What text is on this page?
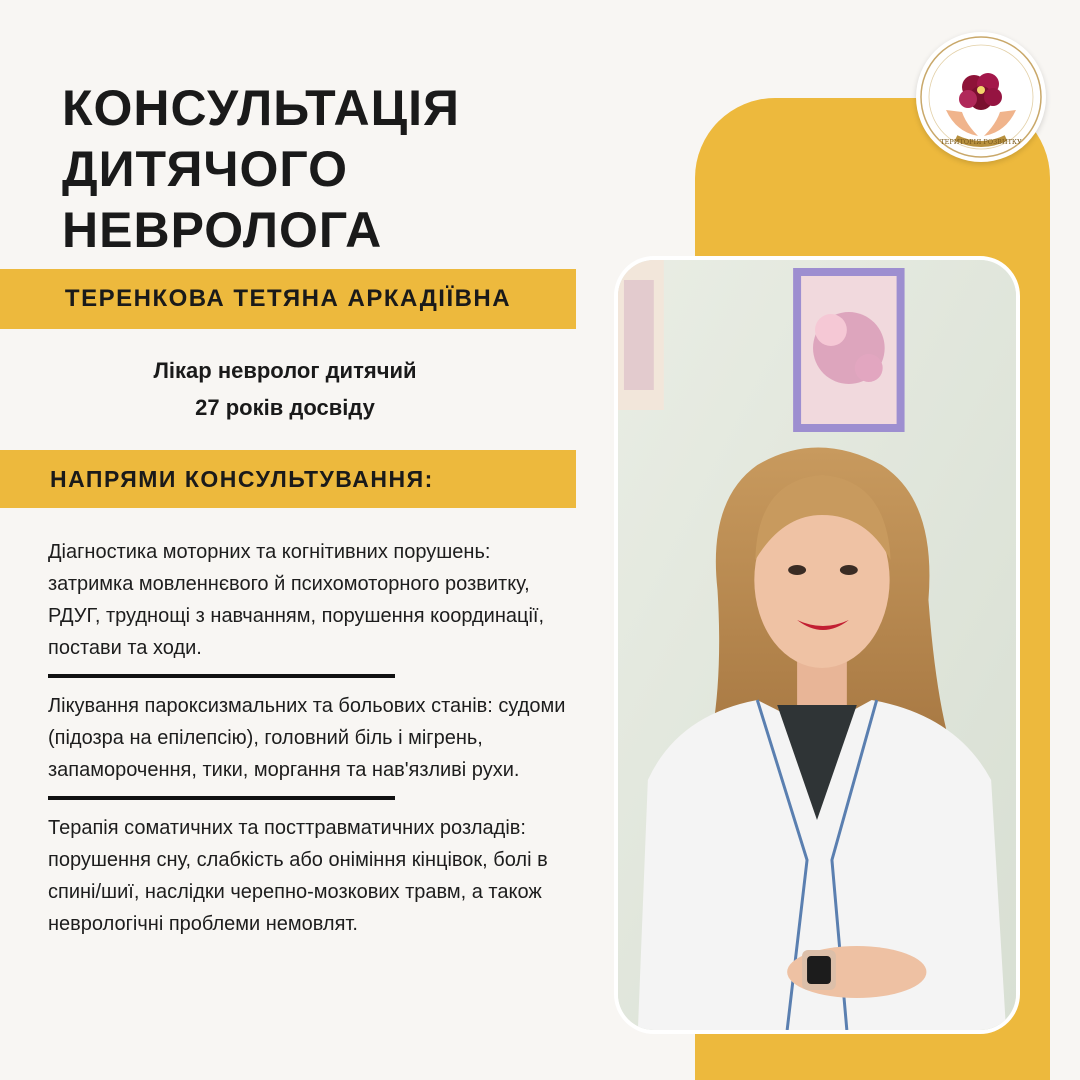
ТЕРИТОРІЯ РОЗВИТКУ
КОНСУЛЬТАЦІЯ
ДИТЯЧОГО
НЕВРОЛОГА
ТЕРЕНКОВА ТЕТЯНА АРКАДІЇВНА
Лікар невролог дитячий
27 років досвіду
НАПРЯМИ КОНСУЛЬТУВАННЯ:

Діагностика моторних та когнітивних порушень: затримка мовленнєвого й психомоторного розвитку, РДУГ, труднощі з навчанням, порушення координації, постави та ходи.

Лікування пароксизмальних та больових станів: судоми (підозра на епілепсію), головний біль і мігрень, запаморочення, тики, моргання та нав'язливі рухи.

Терапія соматичних та посттравматичних розладів: порушення сну, слабкість або оніміння кінцівок, болі в спині/шиї, наслідки черепно-мозкових травм, а також неврологічні проблеми немовлят.
